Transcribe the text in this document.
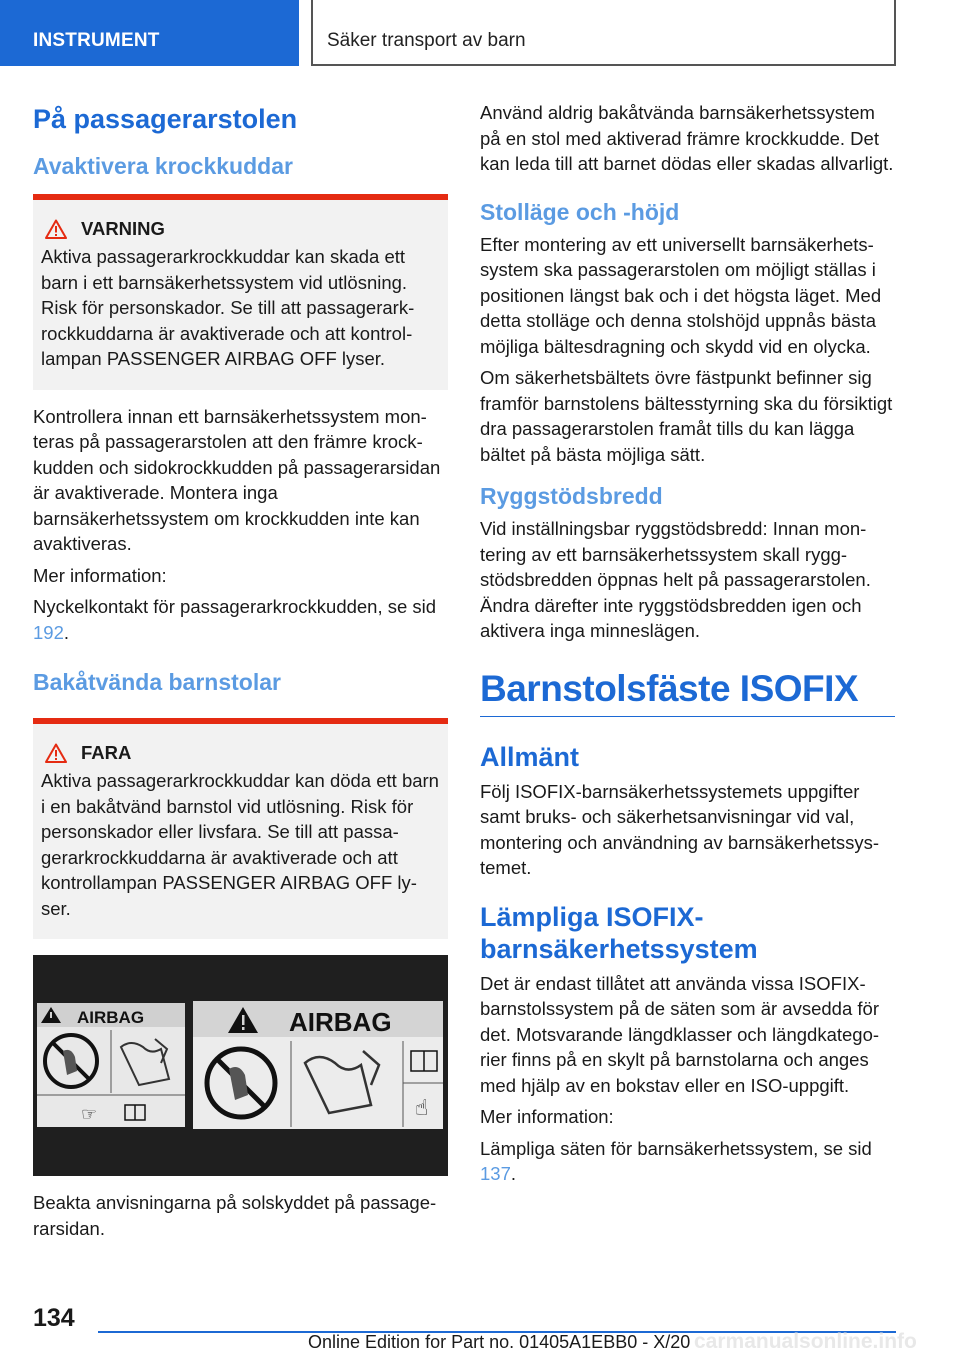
INSTRUMENT	Säker transport av barn
På passagerarstolen
Avaktivera krockkuddar
VARNING

Aktiva passagerarkrockkuddar kan skada ett barn i ett barnsäkerhetssystem vid utlösning. Risk för personskador. Se till att passagerarkrockkuddarna är avaktiverade och att kontrollampan PASSENGER AIRBAG OFF lyser.

Kontrollera innan ett barnsäkerhetssystem monteras på passagerarstolen att den främre krockkudden och sidokrockkudden på passagerarsidan är avaktiverade. Montera inga barnsäkerhetssystem om krockkudden inte kan avaktiveras.

Mer information:

Nyckelkontakt för passagerarkrockkudden, se sid 192.

Bakåtvända barnstolar
FARA

Aktiva passagerarkrockkuddar kan döda ett barn i en bakåtvänd barnstol vid utlösning. Risk för personskador eller livsfara. Se till att passagerarkrockkuddarna är avaktiverade och att kontrollampan PASSENGER AIRBAG OFF lyser.

AIRBAG
☞
AIRBAG
☝

Beakta anvisningarna på solskyddet på passagerarsidan.

Använd aldrig bakåtvända barnsäkerhetssystem på en stol med aktiverad främre krockkudde. Det kan leda till att barnet dödas eller skadas allvarligt.

Stolläge och ‑höjd

Efter montering av ett universellt barnsäkerhetssystem ska passagerarstolen om möjligt ställas i positionen längst bak och i det högsta läget. Med detta stolläge och denna stolshöjd uppnås bästa möjliga bältesdragning och skydd vid en olycka.

Om säkerhetsbältets övre fästpunkt befinner sig framför barnstolens bältesstyrning ska du försiktigt dra passagerarstolen framåt tills du kan lägga bältet på bästa möjliga sätt.

Ryggstödsbredd

Vid inställningsbar ryggstödsbredd: Innan montering av ett barnsäkerhetssystem skall ryggstödsbredden öppnas helt på passagerarstolen. Ändra därefter inte ryggstödsbredden igen och aktivera inga minneslägen.

Barnstolsfäste ISOFIX
Allmänt

Följ ISOFIX‑barnsäkerhetssystemets uppgifter samt bruks- och säkerhetsanvisningar vid val, montering och användning av barnsäkerhetssystemet.

Lämpliga ISOFIX-barnsäkerhetssystem

Det är endast tillåtet att använda vissa ISOFIX-barnstolssystem på de säten som är avsedda för det. Motsvarande längdklasser och längdkategorier finns på en skylt på barnstolarna och anges med hjälp av en bokstav eller en ISO-uppgift.

Mer information:

Lämpliga säten för barnsäkerhetssystem, se sid 137.

134
Online Edition for Part no. 01405A1EBB0 - X/20 carmanualsonline.info
